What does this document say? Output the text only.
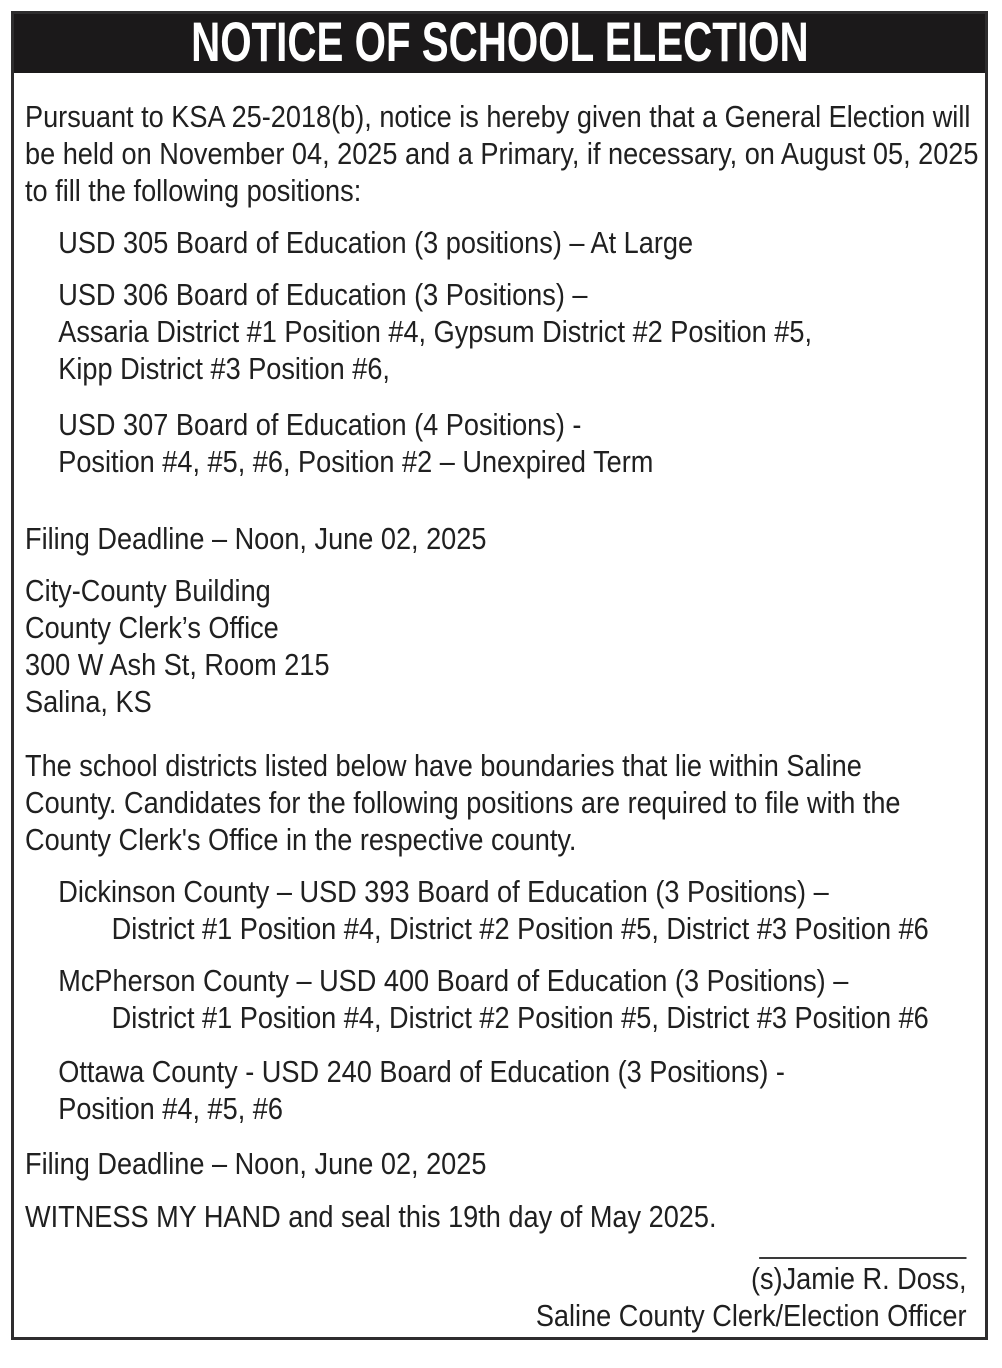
NOTICE OF SCHOOL ELECTION
Pursuant to KSA 25-2018(b), notice is hereby given that a General Election will
be held on November 04, 2025 and a Primary, if necessary, on August 05, 2025
to fill the following positions:
USD 305 Board of Education (3 positions) – At Large
USD 306 Board of Education (3 Positions) –
Assaria District #1 Position #4, Gypsum District #2 Position #5,
Kipp District #3 Position #6,
USD 307 Board of Education (4 Positions) -
Position #4, #5, #6, Position #2 – Unexpired Term
Filing Deadline – Noon, June 02, 2025
City-County Building
County Clerk’s Office
300 W Ash St, Room 215
Salina, KS
The school districts listed below have boundaries that lie within Saline
County. Candidates for the following positions are required to file with the
County Clerk's Office in the respective county.
Dickinson County – USD 393 Board of Education (3 Positions) –
District #1 Position #4, District #2 Position #5, District #3 Position #6
McPherson County – USD 400 Board of Education (3 Positions) –
District #1 Position #4, District #2 Position #5, District #3 Position #6
Ottawa County - USD 240 Board of Education (3 Positions) -
Position #4, #5, #6
Filing Deadline – Noon, June 02, 2025
WITNESS MY HAND and seal this 19th day of May 2025.
(s)Jamie R. Doss,
Saline County Clerk/Election Officer
